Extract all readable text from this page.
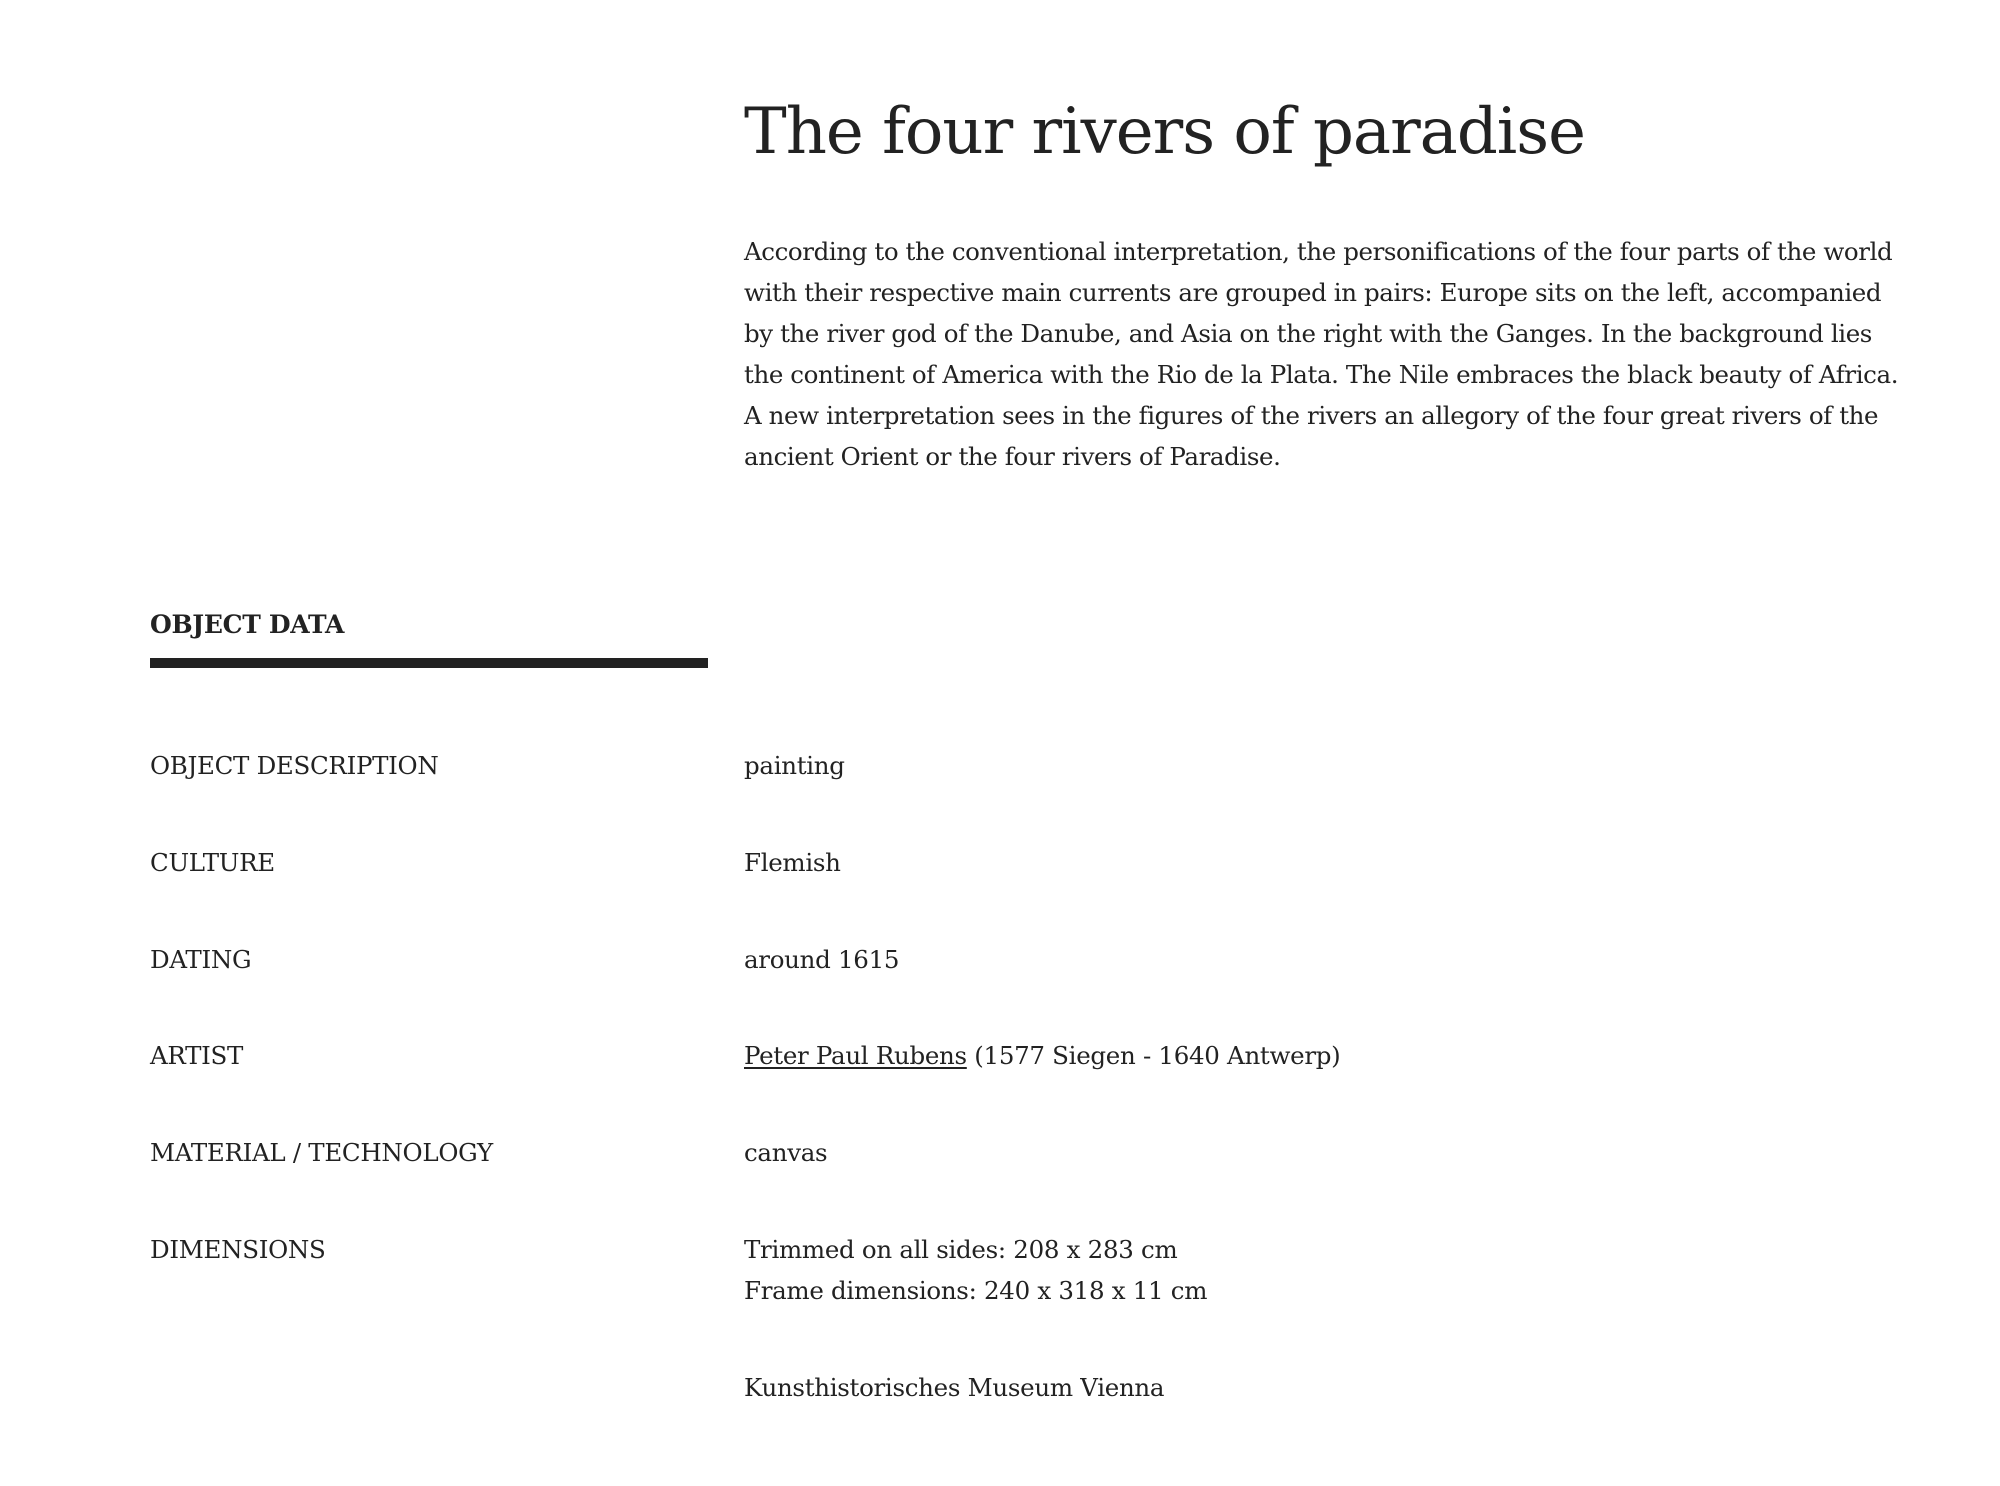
The four rivers of paradise

According to the conventional interpretation, the personifications of the four parts of the world with their respective main currents are grouped in pairs: Europe sits on the left, accompanied by the river god of the Danube, and Asia on the right with the Ganges. In the background lies the continent of America with the Rio de la Plata. The Nile embraces the black beauty of Africa. A new interpretation sees in the figures of the rivers an allegory of the four great rivers of the ancient Orient or the four rivers of Paradise.

OBJECT DATA
OBJECT DESCRIPTION	painting
CULTURE	Flemish
DATING	around 1615
ARTIST	Peter Paul Rubens (1577 Siegen - 1640 Antwerp)
MATERIAL / TECHNOLOGY	canvas
DIMENSIONS	Trimmed on all sides: 208 x 283 cm
Frame dimensions: 240 x 318 x 11 cm
Kunsthistorisches Museum Vienna
